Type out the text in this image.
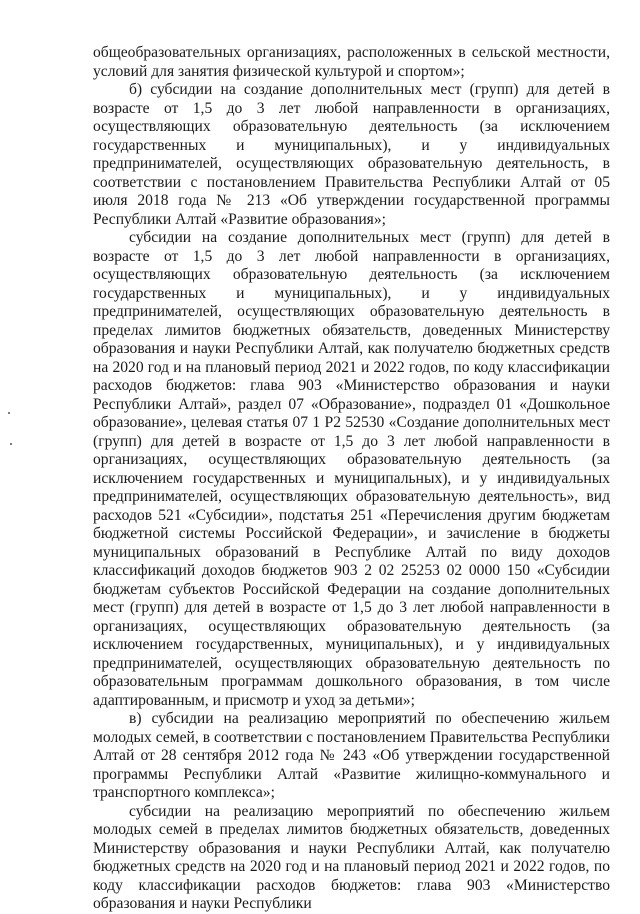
общеобразовательных организациях, расположенных в сельской местности, условий для занятия физической культурой и спортом»;

б) субсидии на создание дополнительных мест (групп) для детей в возрасте от 1,5 до 3 лет любой направленности в организациях, осуществляющих образовательную деятельность (за исключением государственных и муниципальных), и у индивидуальных предпринимателей, осуществляющих образовательную деятельность, в соответствии с постановлением Правительства Республики Алтай от 05 июля 2018 года № 213 «Об утверждении государственной программы Республики Алтай «Развитие образования»;

субсидии на создание дополнительных мест (групп) для детей в возрасте от 1,5 до 3 лет любой направленности в организациях, осуществляющих образовательную деятельность (за исключением государственных и муниципальных), и у индивидуальных предпринимателей, осуществляющих образовательную деятельность в пределах лимитов бюджетных обязательств, доведенных Министерству образования и науки Республики Алтай, как получателю бюджетных средств на 2020 год и на плановый период 2021 и 2022 годов, по коду классификации расходов бюджетов: глава 903 «Министерство образования и науки Республики Алтай», раздел 07 «Образование», подраздел 01 «Дошкольное образование», целевая статья 07 1 Р2 52530 «Создание дополнительных мест (групп) для детей в возрасте от 1,5 до 3 лет любой направленности в организациях, осуществляющих образовательную деятельность (за исключением государственных и муниципальных), и у индивидуальных предпринимателей, осуществляющих образовательную деятельность», вид расходов 521 «Субсидии», подстатья 251 «Перечисления другим бюджетам бюджетной системы Российской Федерации», и зачисление в бюджеты муниципальных образований в Республике Алтай по виду доходов классификаций доходов бюджетов 903 2 02 25253 02 0000 150 «Субсидии бюджетам субъектов Российской Федерации на создание дополнительных мест (групп) для детей в возрасте от 1,5 до 3 лет любой направленности в организациях, осуществляющих образовательную деятельность (за исключением государственных, муниципальных), и у индивидуальных предпринимателей, осуществляющих образовательную деятельность по образовательным программам дошкольного образования, в том числе адаптированным, и присмотр и уход за детьми»;

в) субсидии на реализацию мероприятий по обеспечению жильем молодых семей, в соответствии с постановлением Правительства Республики Алтай от 28 сентября 2012 года № 243 «Об утверждении государственной программы Республики Алтай «Развитие жилищно-коммунального и транспортного комплекса»;

субсидии на реализацию мероприятий по обеспечению жильем молодых семей в пределах лимитов бюджетных обязательств, доведенных Министерству образования и науки Республики Алтай, как получателю бюджетных средств на 2020 год и на плановый период 2021 и 2022 годов, по коду классификации расходов бюджетов: глава 903 «Министерство образования и науки Республики
